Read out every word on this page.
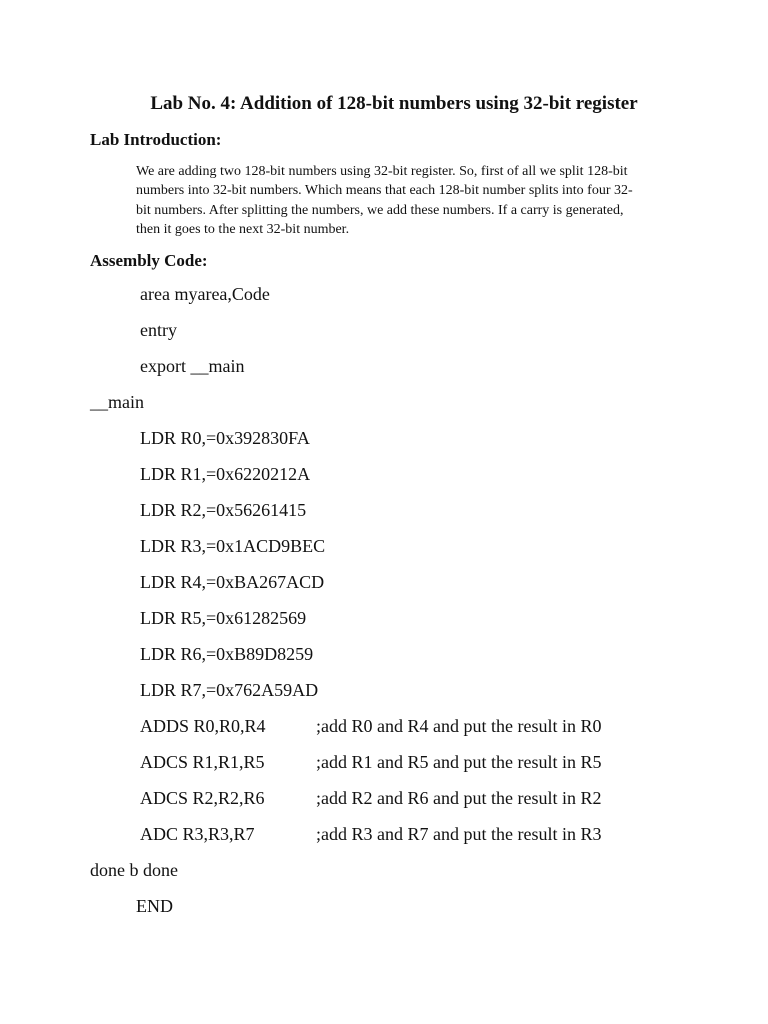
Lab No. 4: Addition of 128-bit numbers using 32-bit register
Lab Introduction:
We are adding two 128-bit numbers using 32-bit register. So, first of all we split 128-bit
numbers into 32-bit numbers. Which means that each 128-bit number splits into four 32-
bit numbers. After splitting the numbers, we add these numbers. If a carry is generated,
then it goes to the next 32-bit number.
Assembly Code:
area myarea,Code
entry
export __main
__main
LDR R0,=0x392830FA
LDR R1,=0x6220212A
LDR R2,=0x56261415
LDR R3,=0x1ACD9BEC
LDR R4,=0xBA267ACD
LDR R5,=0x61282569
LDR R6,=0xB89D8259
LDR R7,=0x762A59AD
ADDS R0,R0,R4	;add R0 and R4 and put the result in R0
ADCS R1,R1,R5	;add R1 and R5 and put the result in R5
ADCS R2,R2,R6	;add R2 and R6 and put the result in R2
ADC R3,R3,R7	;add R3 and R7 and put the result in R3
done b done
END
